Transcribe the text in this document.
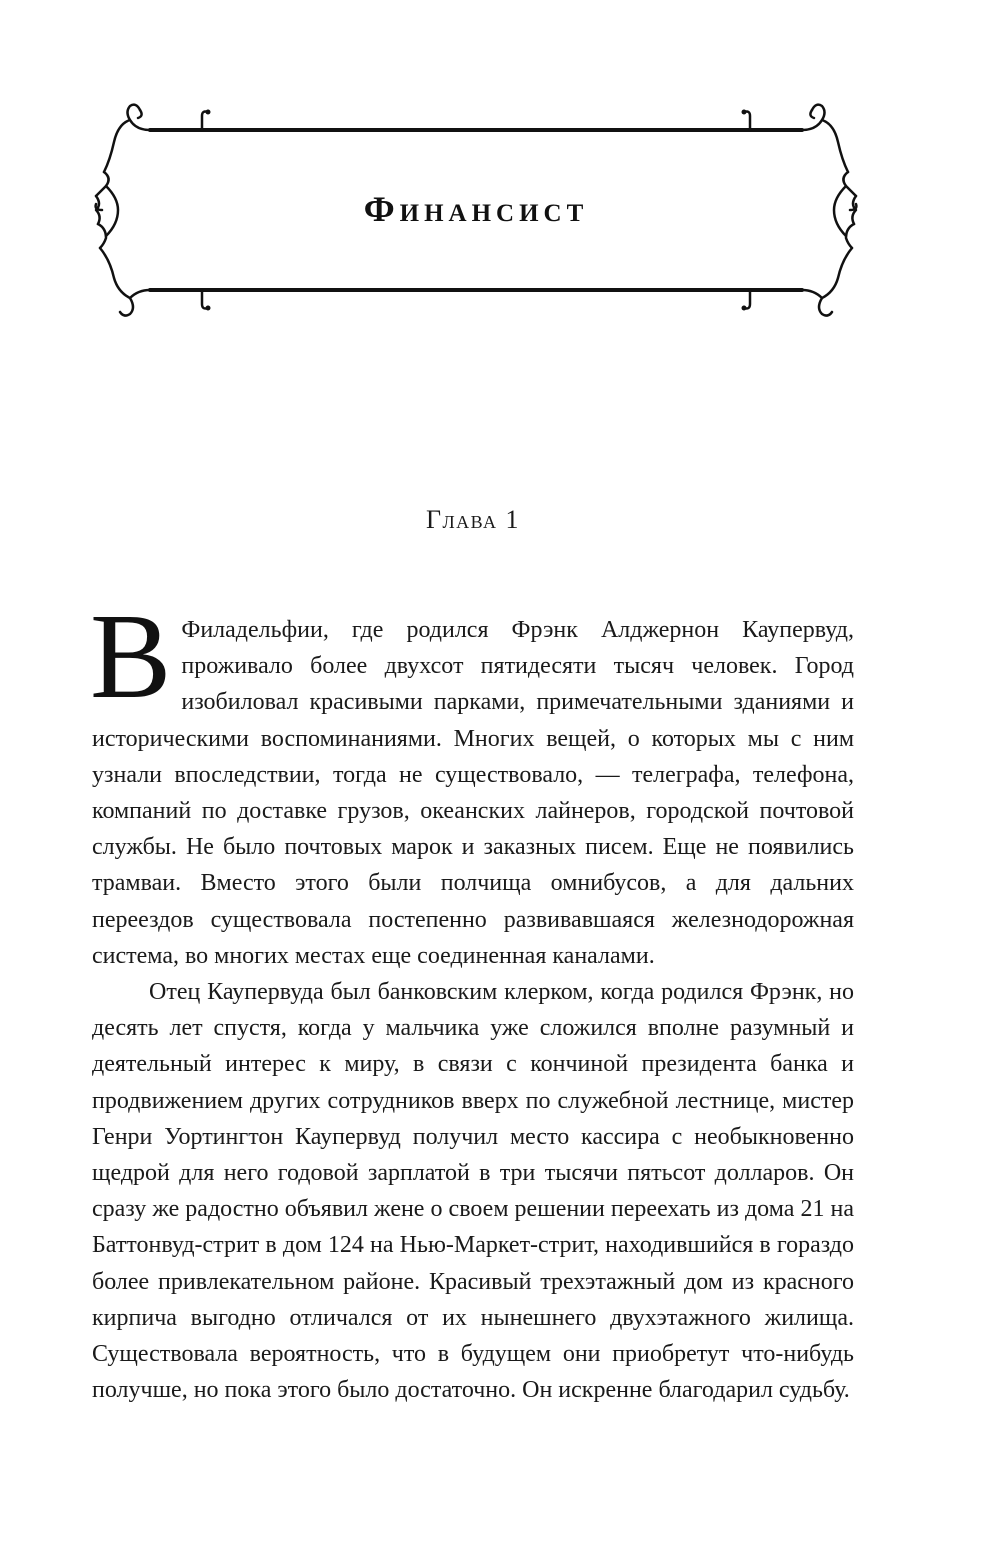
Финансист
Глава 1

В Филадельфии, где родился Фрэнк Алджернон Каупервуд, проживало более двухсот пятидесяти тысяч человек. Город изобиловал красивыми парками, примечательными зданиями и историческими воспоминаниями. Многих вещей, о которых мы с ним узнали впоследствии, тогда не существовало, — телеграфа, телефона, компаний по доставке грузов, океанских лайнеров, городской почтовой службы. Не было почтовых марок и заказных писем. Еще не появились трамваи. Вместо этого были полчища омнибусов, а для дальних переездов существовала постепенно развивавшаяся железнодорожная система, во многих местах еще соединенная каналами.

Отец Каупервуда был банковским клерком, когда родился Фрэнк, но десять лет спустя, когда у мальчика уже сложился вполне разумный и деятельный интерес к миру, в связи с кончиной президента банка и продвижением других сотрудников вверх по служебной лестнице, мистер Генри Уортингтон Каупервуд получил место кассира с необыкновенно щедрой для него годовой зарплатой в три тысячи пятьсот долларов. Он сразу же радостно объявил жене о своем решении переехать из дома 21 на Баттонвуд-стрит в дом 124 на Нью-Маркет-стрит, находившийся в гораздо более привлекательном районе. Красивый трехэтажный дом из красного кирпича выгодно отличался от их нынешнего двухэтажного жилища. Существовала вероятность, что в будущем они приобретут что-нибудь получше, но пока этого было достаточно. Он искренне благодарил судьбу.
